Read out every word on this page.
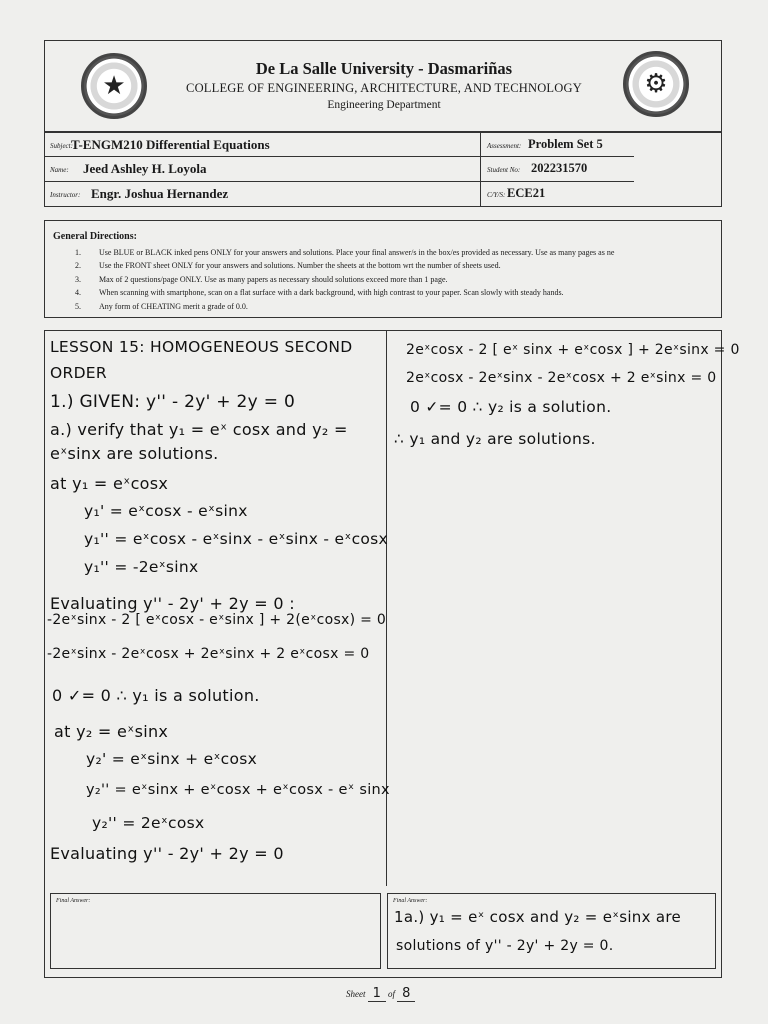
★
De La Salle University - Dasmariñas
COLLEGE OF ENGINEERING, ARCHITECTURE, AND TECHNOLOGY
Engineering Department
⚙
Subject:
T-ENGM210 Differential Equations	Assessment: Problem Set 5
Name: Jeed Ashley H. Loyola	Student No: 202231570
Instructor: Engr. Joshua Hernandez	C/Y/S: ECE21
General Directions:
1. Use BLUE or BLACK inked pens ONLY for your answers and solutions. Place your final answer/s in the box/es provided as necessary. Use as many pages as ne
2. Use the FRONT sheet ONLY for your answers and solutions. Number the sheets at the bottom wrt the number of sheets used.
3. Max of 2 questions/page ONLY. Use as many papers as necessary should solutions exceed more than 1 page.
4. When scanning with smartphone, scan on a flat surface with a dark background, with high contrast to your paper. Scan slowly with steady hands.
5. Any form of CHEATING merit a grade of 0.0.
LESSON 15: HOMOGENEOUS SECOND
ORDER
1.) GIVEN: y'' - 2y' + 2y = 0
a.) verify that y₁ = eˣ cosx and y₂ =
eˣsinx are solutions.
at y₁ = eˣcosx
y₁' = eˣcosx - eˣsinx
y₁'' = eˣcosx - eˣsinx - eˣsinx - eˣcosx
y₁'' = -2eˣsinx
Evaluating y'' - 2y' + 2y = 0 :
-2eˣsinx - 2 [ eˣcosx - eˣsinx ] + 2(eˣcosx) = 0
-2eˣsinx - 2eˣcosx + 2eˣsinx + 2 eˣcosx = 0
0 ✓= 0 ∴ y₁ is a solution.
at y₂ = eˣsinx
y₂' = eˣsinx + eˣcosx
y₂'' = eˣsinx + eˣcosx + eˣcosx - eˣ sinx
y₂'' = 2eˣcosx
Evaluating y'' - 2y' + 2y = 0
2eˣcosx - 2 [ eˣ sinx + eˣcosx ] + 2eˣsinx = 0
2eˣcosx - 2eˣsinx - 2eˣcosx + 2 eˣsinx = 0
0 ✓= 0 ∴ y₂ is a solution.
∴ y₁ and y₂ are solutions.
Final Answer:	Final Answer:
1a.) y₁ = eˣ cosx and y₂ = eˣsinx are
solutions of y'' - 2y' + 2y = 0.
Sheet 1 of 8
